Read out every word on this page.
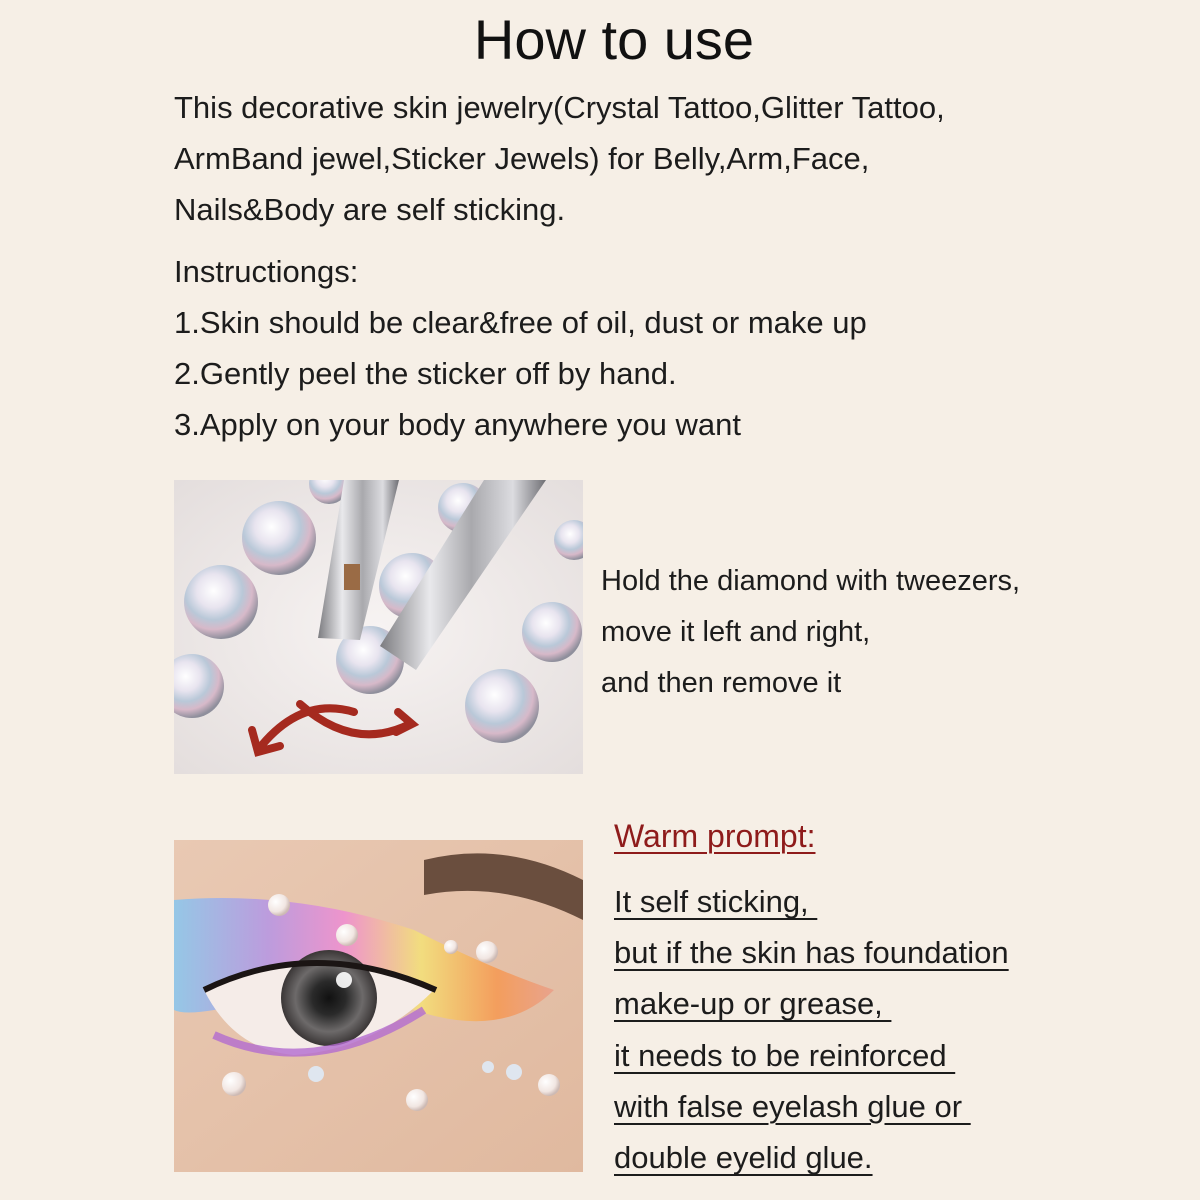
How to use
This decorative skin jewelry(Crystal Tattoo,Glitter Tattoo,
ArmBand jewel,Sticker Jewels) for Belly,Arm,Face,
Nails&Body are self sticking.
Instructiongs:
1.Skin should be clear&free of oil, dust or make up
2.Gently peel the sticker off by hand.
3.Apply on your body anywhere you want
Hold the diamond with tweezers,
move it left and right,
and then remove it
Warm prompt:
It self sticking,
but if the skin has foundation
make-up or grease,
it needs to be reinforced
with false eyelash glue or
double eyelid glue.
